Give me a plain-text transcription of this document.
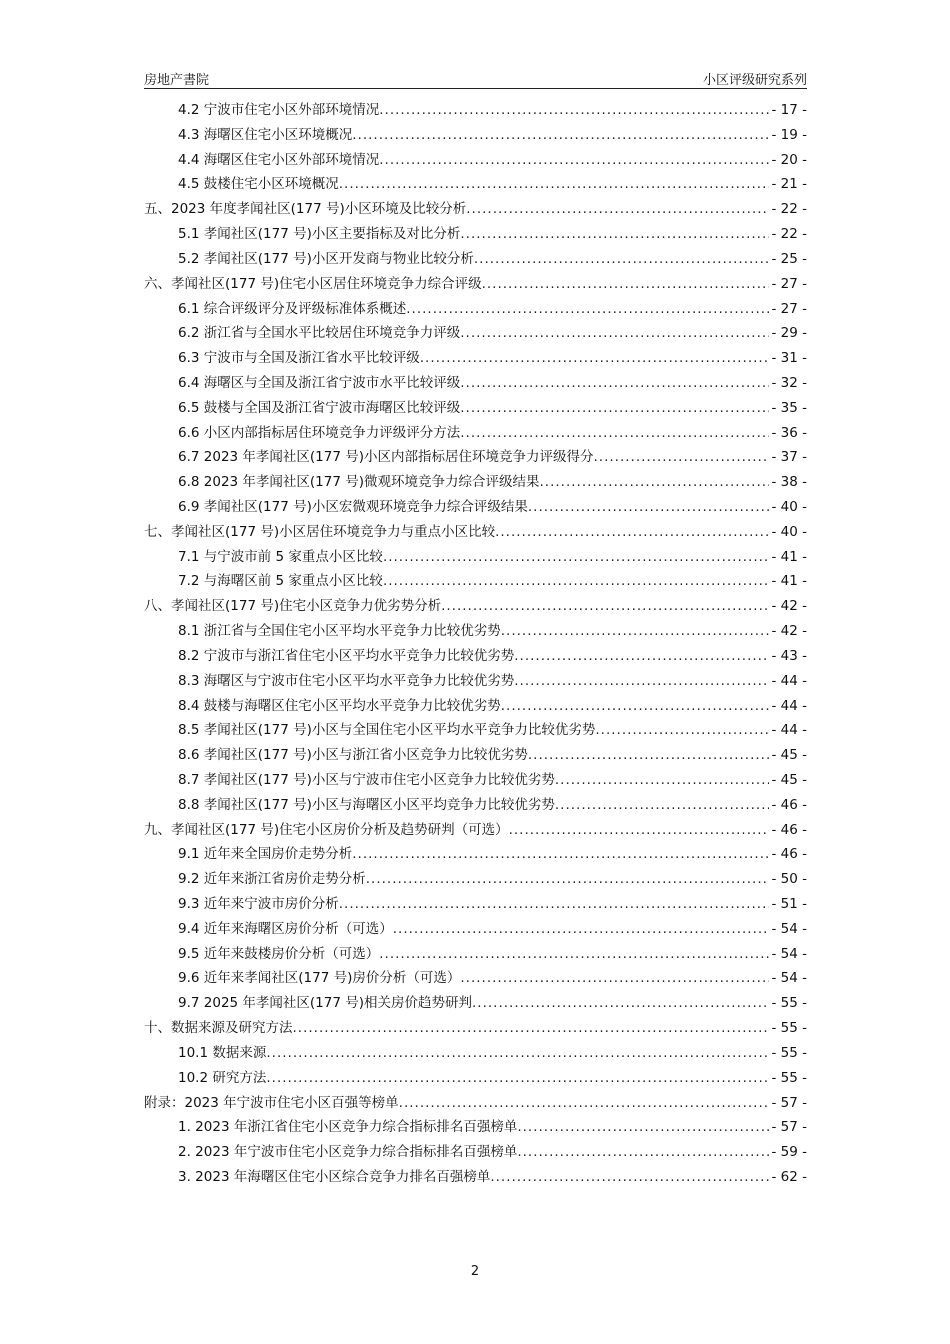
房地产書院	小区评级研究系列
4.2 宁波市住宅小区外部环境情况 .....	- 17 -
4.3 海曙区住宅小区环境概况 .....	- 19 -
4.4 海曙区住宅小区外部环境情况 .....	- 20 -
4.5 鼓楼住宅小区环境概况 .....	- 21 -
五、2023 年度孝闻社区(177 号)小区环境及比较分析 .....	- 22 -
5.1 孝闻社区(177 号)小区主要指标及对比分析 .....	- 22 -
5.2 孝闻社区(177 号)小区开发商与物业比较分析 .....	- 25 -
六、孝闻社区(177 号)住宅小区居住环境竞争力综合评级 .....	- 27 -
6.1 综合评级评分及评级标准体系概述 .....	- 27 -
6.2 浙江省与全国水平比较居住环境竞争力评级 .....	- 29 -
6.3 宁波市与全国及浙江省水平比较评级 .....	- 31 -
6.4 海曙区与全国及浙江省宁波市水平比较评级 .....	- 32 -
6.5 鼓楼与全国及浙江省宁波市海曙区比较评级 .....	- 35 -
6.6 小区内部指标居住环境竞争力评级评分方法 .....	- 36 -
6.7 2023 年孝闻社区(177 号)小区内部指标居住环境竞争力评级得分 .....	- 37 -
6.8 2023 年孝闻社区(177 号)微观环境竞争力综合评级结果 .....	- 38 -
6.9 孝闻社区(177 号)小区宏微观环境竞争力综合评级结果 .....	- 40 -
七、孝闻社区(177 号)小区居住环境竞争力与重点小区比较 .....	- 40 -
7.1 与宁波市前 5 家重点小区比较 .....	- 41 -
7.2 与海曙区前 5 家重点小区比较 .....	- 41 -
八、孝闻社区(177 号)住宅小区竞争力优劣势分析 .....	- 42 -
8.1 浙江省与全国住宅小区平均水平竞争力比较优劣势 .....	- 42 -
8.2 宁波市与浙江省住宅小区平均水平竞争力比较优劣势 .....	- 43 -
8.3 海曙区与宁波市住宅小区平均水平竞争力比较优劣势 .....	- 44 -
8.4 鼓楼与海曙区住宅小区平均水平竞争力比较优劣势 .....	- 44 -
8.5 孝闻社区(177 号)小区与全国住宅小区平均水平竞争力比较优劣势 .....	- 44 -
8.6 孝闻社区(177 号)小区与浙江省小区竞争力比较优劣势 .....	- 45 -
8.7 孝闻社区(177 号)小区与宁波市住宅小区竞争力比较优劣势 .....	- 45 -
8.8 孝闻社区(177 号)小区与海曙区小区平均竞争力比较优劣势 .....	- 46 -
九、孝闻社区(177 号)住宅小区房价分析及趋势研判（可选） .....	- 46 -
9.1 近年来全国房价走势分析 .....	- 46 -
9.2 近年来浙江省房价走势分析 .....	- 50 -
9.3 近年来宁波市房价分析 .....	- 51 -
9.4 近年来海曙区房价分析（可选） .....	- 54 -
9.5 近年来鼓楼房价分析（可选） .....	- 54 -
9.6 近年来孝闻社区(177 号)房价分析（可选） .....	- 54 -
9.7 2025 年孝闻社区(177 号)相关房价趋势研判 .....	- 55 -
十、数据来源及研究方法 .....	- 55 -
10.1 数据来源 .....	- 55 -
10.2 研究方法 .....	- 55 -
附录：2023 年宁波市住宅小区百强等榜单 .....	- 57 -
1. 2023 年浙江省住宅小区竞争力综合指标排名百强榜单 .....	- 57 -
2. 2023 年宁波市住宅小区竞争力综合指标排名百强榜单 .....	- 59 -
3. 2023 年海曙区住宅小区综合竞争力排名百强榜单 .....	- 62 -
2
